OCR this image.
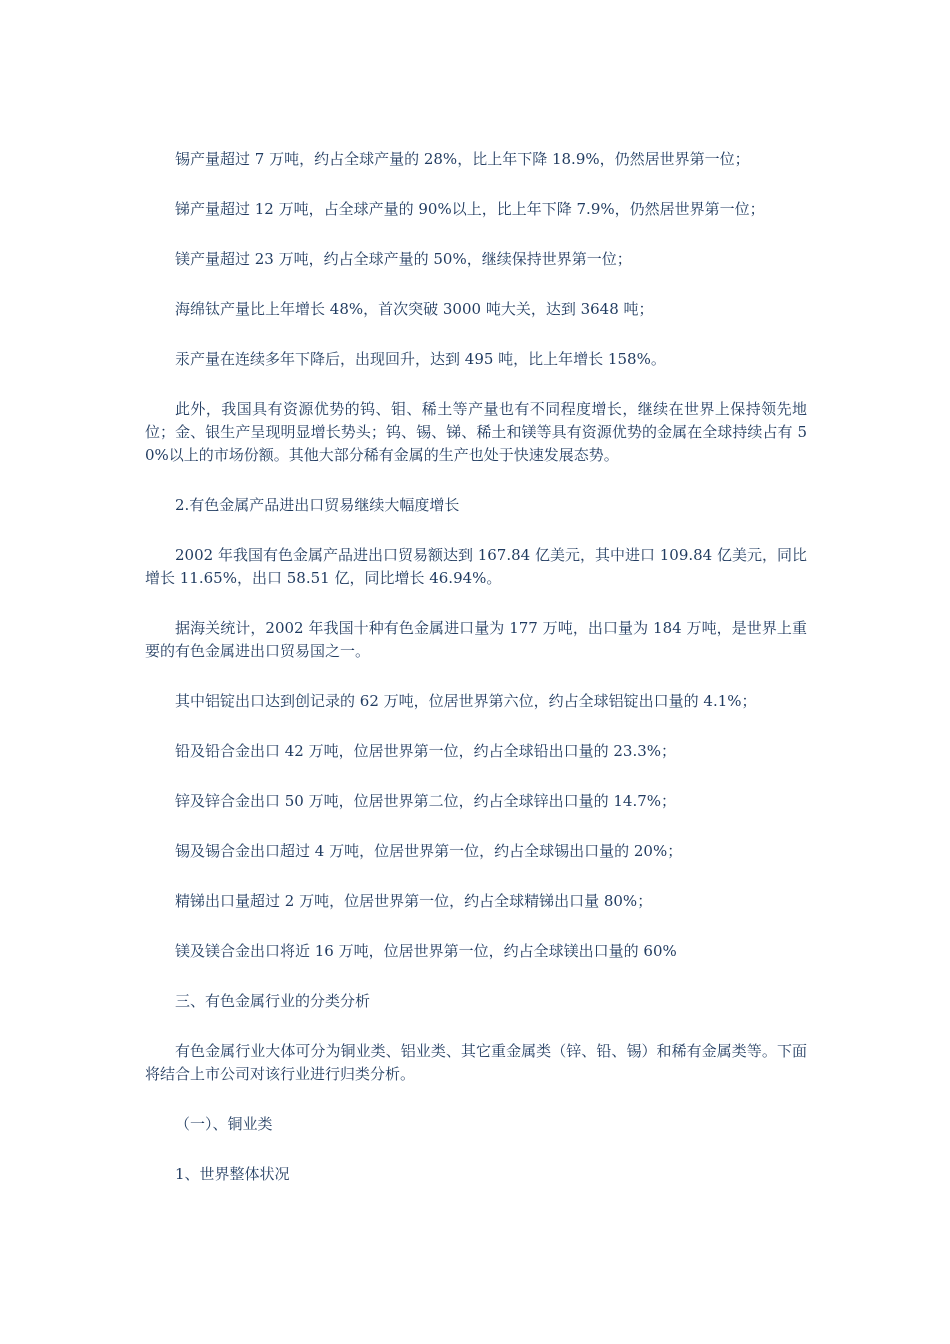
锡产量超过 7 万吨，约占全球产量的 28%，比上年下降 18.9%，仍然居世界第一位；

锑产量超过 12 万吨，占全球产量的 90%以上，比上年下降 7.9%，仍然居世界第一位；

镁产量超过 23 万吨，约占全球产量的 50%，继续保持世界第一位；

海绵钛产量比上年增长 48%，首次突破 3000 吨大关，达到 3648 吨；

汞产量在连续多年下降后，出现回升，达到 495 吨，比上年增长 158%。

此外，我国具有资源优势的钨、钼、稀土等产量也有不同程度增长，继续在世界上保持领先地位；金、银生产呈现明显增长势头；钨、锡、锑、稀土和镁等具有资源优势的金属在全球持续占有 50%以上的市场份额。其他大部分稀有金属的生产也处于快速发展态势。

2.有色金属产品进出口贸易继续大幅度增长

2002 年我国有色金属产品进出口贸易额达到 167.84 亿美元，其中进口 109.84 亿美元，同比增长 11.65%，出口 58.51 亿，同比增长 46.94%。

据海关统计，2002 年我国十种有色金属进口量为 177 万吨，出口量为 184 万吨，是世界上重要的有色金属进出口贸易国之一。

其中铝锭出口达到创记录的 62 万吨，位居世界第六位，约占全球铝锭出口量的 4.1%；

铅及铅合金出口 42 万吨，位居世界第一位，约占全球铅出口量的 23.3%；

锌及锌合金出口 50 万吨，位居世界第二位，约占全球锌出口量的 14.7%；

锡及锡合金出口超过 4 万吨，位居世界第一位，约占全球锡出口量的 20%；

精锑出口量超过 2 万吨，位居世界第一位，约占全球精锑出口量 80%；

镁及镁合金出口将近 16 万吨，位居世界第一位，约占全球镁出口量的 60%

三、有色金属行业的分类分析

有色金属行业大体可分为铜业类、铝业类、其它重金属类（锌、铅、锡）和稀有金属类等。下面将结合上市公司对该行业进行归类分析。

（一）、铜业类

1、世界整体状况
